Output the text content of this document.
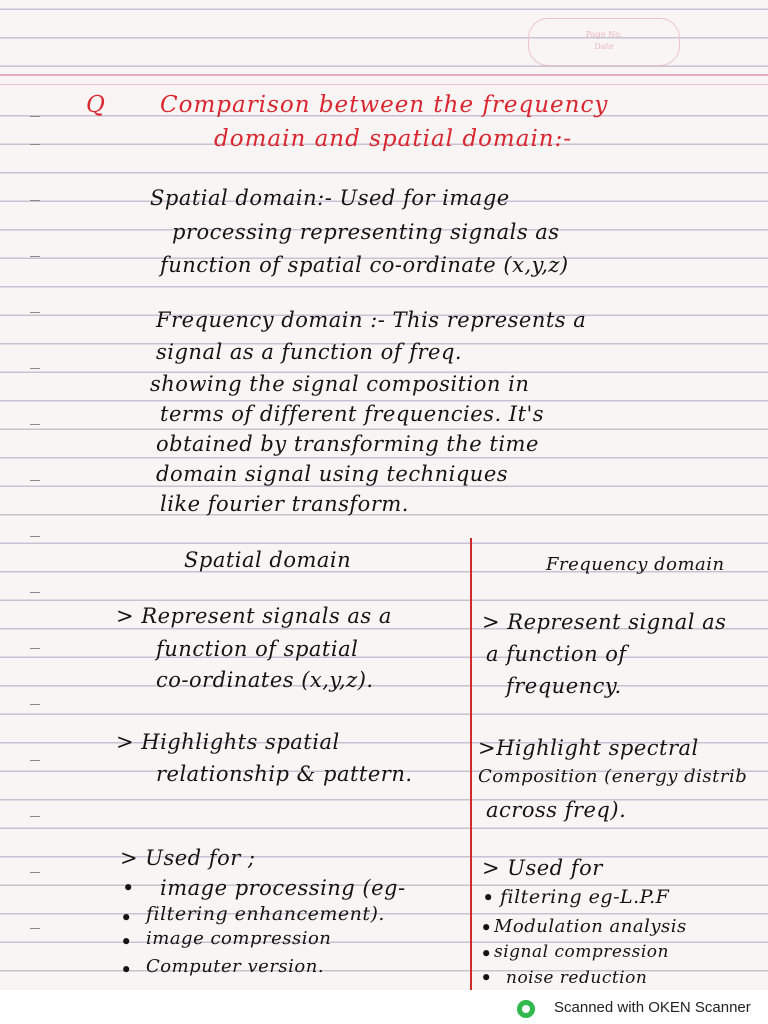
Page No.
Date
Q Comparison between the frequency
domain and spatial domain:-
Spatial domain:- Used for image
processing representing signals as
function of spatial co-ordinate (x,y,z)
Frequency domain :- This represents a
signal as a function of freq.
showing the signal composition in
terms of different frequencies. It's
obtained by transforming the time
domain signal using techniques
like fourier transform.
Spatial domain	Frequency domain
> Represent signals as a
function of spatial
co-ordinates (x,y,z).
> Represent signal as
a function of
frequency.
> Highlights spatial
relationship & pattern.
>Highlight spectral
Composition (energy distrib
across freq).
> Used for ;
• image processing (eg-
• filtering enhancement).
• image compression
• Computer version.
> Used for
• filtering eg-L.P.F
• Modulation analysis
• signal compression
• noise reduction
Scanned with OKEN Scanner
